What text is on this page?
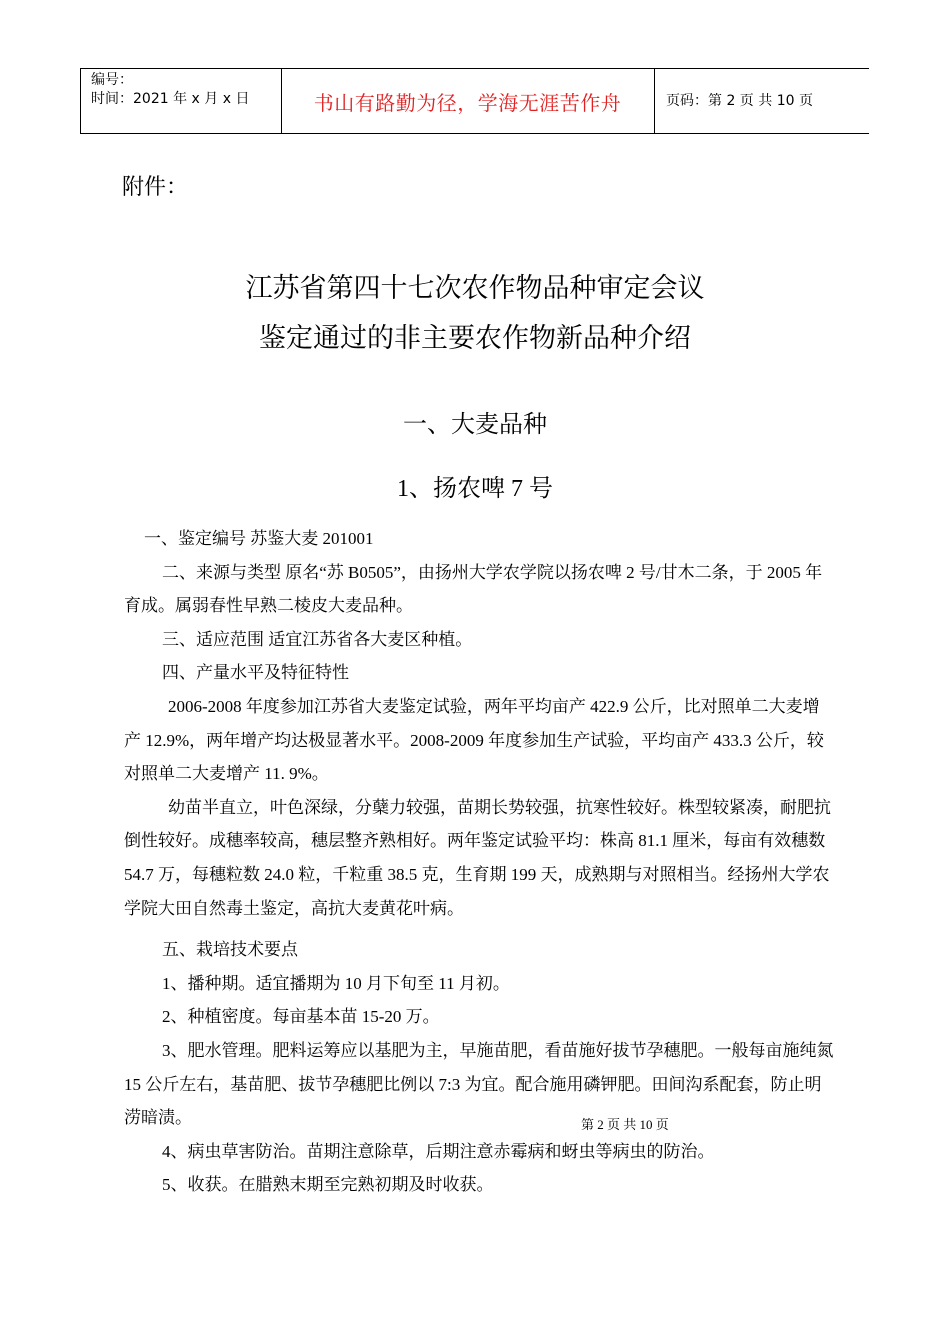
编号：
时间：2021 年 x 月 x 日	书山有路勤为径，学海无涯苦作舟	页码：第 2 页 共 10 页
附件：
江苏省第四十七次农作物品种审定会议
鉴定通过的非主要农作物新品种介绍
一、大麦品种
1、扬农啤 7 号

一、鉴定编号 苏鉴大麦 201001

二、来源与类型 原名“苏 B0505”，由扬州大学农学院以扬农啤 2 号/甘木二条，于 2005 年育成。属弱春性早熟二棱皮大麦品种。

三、适应范围 适宜江苏省各大麦区种植。

四、产量水平及特征特性

2006-2008 年度参加江苏省大麦鉴定试验，两年平均亩产 422.9 公斤，比对照单二大麦增产 12.9%，两年增产均达极显著水平。2008-2009 年度参加生产试验，平均亩产 433.3 公斤，较对照单二大麦增产 11. 9%。

幼苗半直立，叶色深绿，分蘖力较强，苗期长势较强，抗寒性较好。株型较紧凑，耐肥抗倒性较好。成穗率较高，穗层整齐熟相好。两年鉴定试验平均：株高 81.1 厘米，每亩有效穗数 54.7 万，每穗粒数 24.0 粒，千粒重 38.5 克，生育期 199 天，成熟期与对照相当。经扬州大学农学院大田自然毒土鉴定，高抗大麦黄花叶病。

五、栽培技术要点

1、播种期。适宜播期为 10 月下旬至 11 月初。

2、种植密度。每亩基本苗 15-20 万。

3、肥水管理。肥料运筹应以基肥为主，早施苗肥，看苗施好拔节孕穗肥。一般每亩施纯氮 15 公斤左右，基苗肥、拔节孕穗肥比例以 7:3 为宜。配合施用磷钾肥。田间沟系配套，防止明涝暗渍。

4、病虫草害防治。苗期注意除草，后期注意赤霉病和蚜虫等病虫的防治。

5、收获。在腊熟末期至完熟初期及时收获。

第 2 页 共 10 页
